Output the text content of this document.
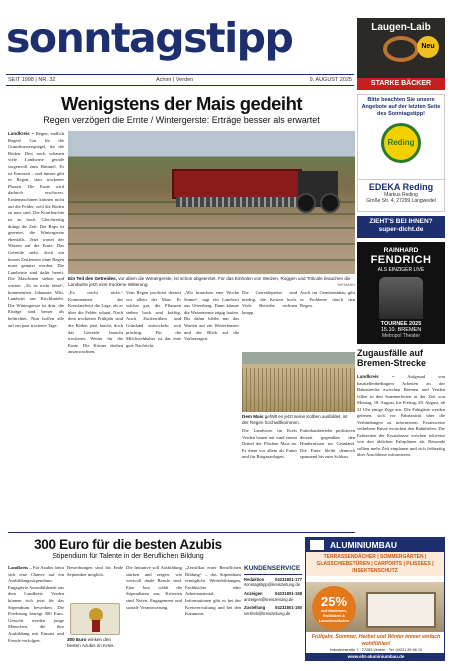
sonntagstipp
SEIT 1998 | NR. 32	Achim | Verden	9. AUGUST 2025
Laugen-Laib
Neu
STARKE BÄCKER
Bitte beachten Sie unsere Angebote auf der letzten Seite des Sonntagstipp!
Reding
EDEKA Reding
Markus Reding
Große Str. 4, 27299 Langwedel
ZIEHT'S BEI IHNEN?
super-dicht.de
RAINHARD
FENDRICH
ALS EINZIGER LIVE
TOURNEE 2025
15.10. BREMEN
Metropol Theater
Zugausfälle auf Bremen-Strecke
Landkreis –	Aufgrund von baustellenbedingten Arbeiten an der Bahnstrecke zwischen Bremen und Verden fallen in den Sommerferien in der Zeit von Montag, 18. August, bis Freitag, 29. August, ab 21 Uhr einige Züge aus. Die Fahrgäste werden gebeten, sich vor Fahrtantritt über die Verbindungen zu informieren. Ersatzweise verkehren Busse zwischen den Bahnhöfen. Die Fahrzeiten der Ersatzbusse weichen teilweise von den üblichen Fahrplänen ab. Reisende sollten mehr Zeit einplanen und sich frühzeitig über Anschlüsse informieren.
Wenigstens der Mais gedeiht
Regen verzögert die Ernte / Wintergerste: Erträge besser als erwartet
Landkreis – Regen, endlich Regen! Gut für die Grundwasserspiegel, für die Böden. Den noch schauen viele Landwirte gerade sorgenvoll zum Himmel. Es ist Erntezeit – und immer gibt es Regen, statt trockener Phasen. Die Ernte wird dadurch erschwert. Erntemaschinen können nicht auf die Felder, weil die Böden zu nass sind. Die Kornfeuchte ist zu hoch. Gleichzeitig drängt die Zeit: Der Raps ist geerntet, die Wintergerste ebenfalls. Jetzt wartet der Weizen auf die Ernte. Das Getreide steht, doch ein kurzes Zeitfenster ohne Regen muss genutzt werden. Die Landwirte sind dafür bereit. Die Maschinen stehen und warten. „Es ist nicht ideal“, kommentiert Johannes Witt, Landwirt aus Kirchlinteln. Die Wintergerste ist drin, die Erträge sind besser als befürchtet. Nun hoffen alle auf ein paar trockene Tage.
Ein Teil des Getreides, vor allem die Wintergerste, ist schon abgeerntet. Für das Einholen von Weizen, Roggen und Triticale brauchen die Landwirte jetzt eine trockene Witterung.	NIEMANN
„Es reicht nicht.“ Kommentiert der Kreislandwirt die Lage, als er über die Felder schaut. Nach dem trockenen Frühjahr sind die Böden jetzt feucht, doch das Getreide braucht trockenes Wetter für die Ernte. Die Körner drohen auszuwachsen.
Vom Regen profitiert derzeit vor allem der Mais. Er wächst gut, die Pflanzen stehen hoch und kräftig. Auch Zuckerrüben und Grünland entwickeln sich prächtig. Für die Milchviehhalter ist das eine gute Nachricht.
„Wir brauchen eine Woche Sonne“, sagt ein Landwirt aus Ottersberg. Dann könnte die Weizenernte zügig laufen. Bis dahin bleibt nur das Warten auf ein Wetterfenster und der Blick auf die Vorhersagen.
Die Getreidepreise sind niedrig, die Kosten hoch. Viele Betriebe rechnen knapp.
Auch im Gemüseanbau gibt es Probleme durch den Regen.
Dem Mais gefällt es jetzt seine Kolben ausbildet, ist der Regen hochwillkommen.
Die Landwirte im Kreis Verden bauen auf rund einem Drittel der Flächen Mais an. Er dient vor allem als Futter und für Biogasanlagen.
Futterbaubetriebe profitieren derzeit gegenüber den Hindernissen im Grünland. Die Ernte bleibt dennoch spannend bis zum Schluss.
300 Euro für die besten Azubis
Stipendium für Talente in der Beruflichen Bildung
Landkreis – Für Azubis lohnt sich eine Chance auf ein Ausbildungsstipendium. Engagierte Auszubildende aus dem Landkreis Verden können sich jetzt für das Stipendium bewerben. Die Förderung beträgt 300 Euro. Gesucht werden junge Menschen, die ihre Ausbildung mit Einsatz und Freude verfolgen.
Bewerbungen sind bis Ende September möglich.
300 Euro winken den besten Azubis im Kreis.
Die Initiative soll Ausbildung stärken und zeigen, wie wertvoll duale Berufe sind. Eine Jury wählt die Stipendiaten aus. Kriterien sind Noten, Engagement und soziale Verantwortung.
„Zertifikat einer Beruflichen Bildung“ – das Stipendium ermöglicht Weiterbildungen, Fachbücher oder Arbeitsmaterial. Informationen gibt es bei der Kreisverwaltung und bei den Kammern.
KUNDENSERVICE
Redaktion	04231801-177
sonntagstipp@kreiszeitung.de
Anzeigen	04231801-158
anzeigen@kreiszeitung.de
Zustellung 04231801-150
vertrieb@kreiszeitung.de
ALUMINIUMBAU
TERRASSENDÄCHER | SOMMERGÄRTEN | GLASSCHIEBETÜREN | CARPORTS | PLISSEES | INSEKTENSCHUTZ
25%
auf Markisen, Rollläden & Lamellendächer
Frühjahr, Sommer, Herbst und Winter immer einfach wohlfühlen!
Industriestraße 7 · 27283 Verden · Tel. 04231 95 66 10
www.ebt-aluminiumbau.de
